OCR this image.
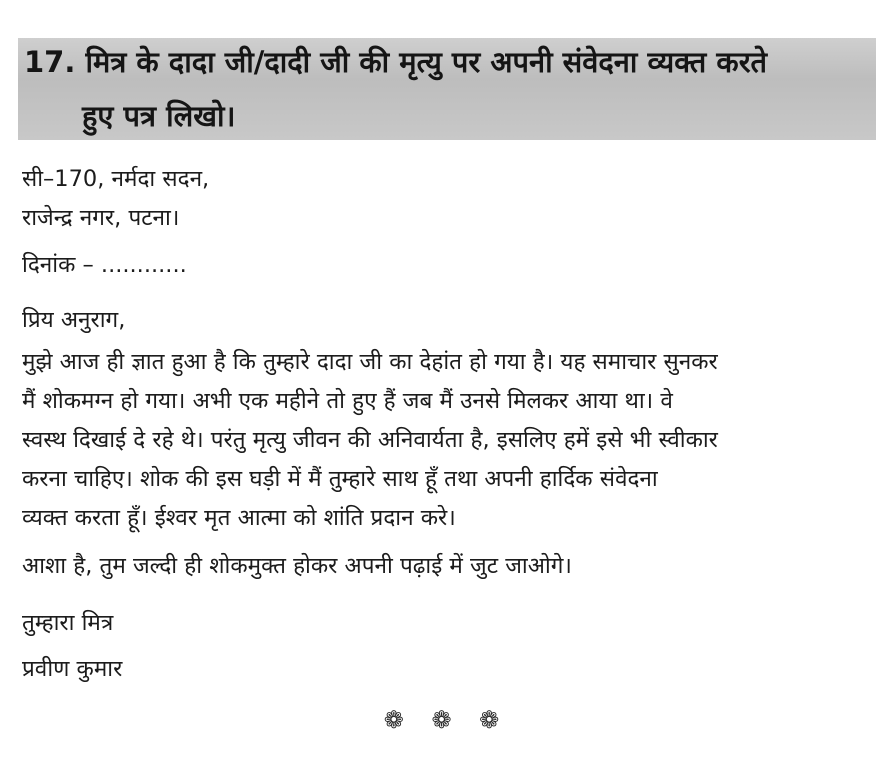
17. मित्र के दादा जी/दादी जी की मृत्यु पर अपनी संवेदना व्यक्त करते
हुए पत्र लिखो।
सी–170, नर्मदा सदन,
राजेन्द्र नगर, पटना।
दिनांक – ............
प्रिय अनुराग,
मुझे आज ही ज्ञात हुआ है कि तुम्हारे दादा जी का देहांत हो गया है। यह समाचार सुनकर
मैं शोकमग्न हो गया। अभी एक महीने तो हुए हैं जब मैं उनसे मिलकर आया था। वे
स्वस्थ दिखाई दे रहे थे। परंतु मृत्यु जीवन की अनिवार्यता है, इसलिए हमें इसे भी स्वीकार
करना चाहिए। शोक की इस घड़ी में मैं तुम्हारे साथ हूँ तथा अपनी हार्दिक संवेदना
व्यक्त करता हूँ। ईश्वर मृत आत्मा को शांति प्रदान करे।
आशा है, तुम जल्दी ही शोकमुक्त होकर अपनी पढ़ाई में जुट जाओगे।
तुम्हारा मित्र
प्रवीण कुमार
❁ ❁ ❁
